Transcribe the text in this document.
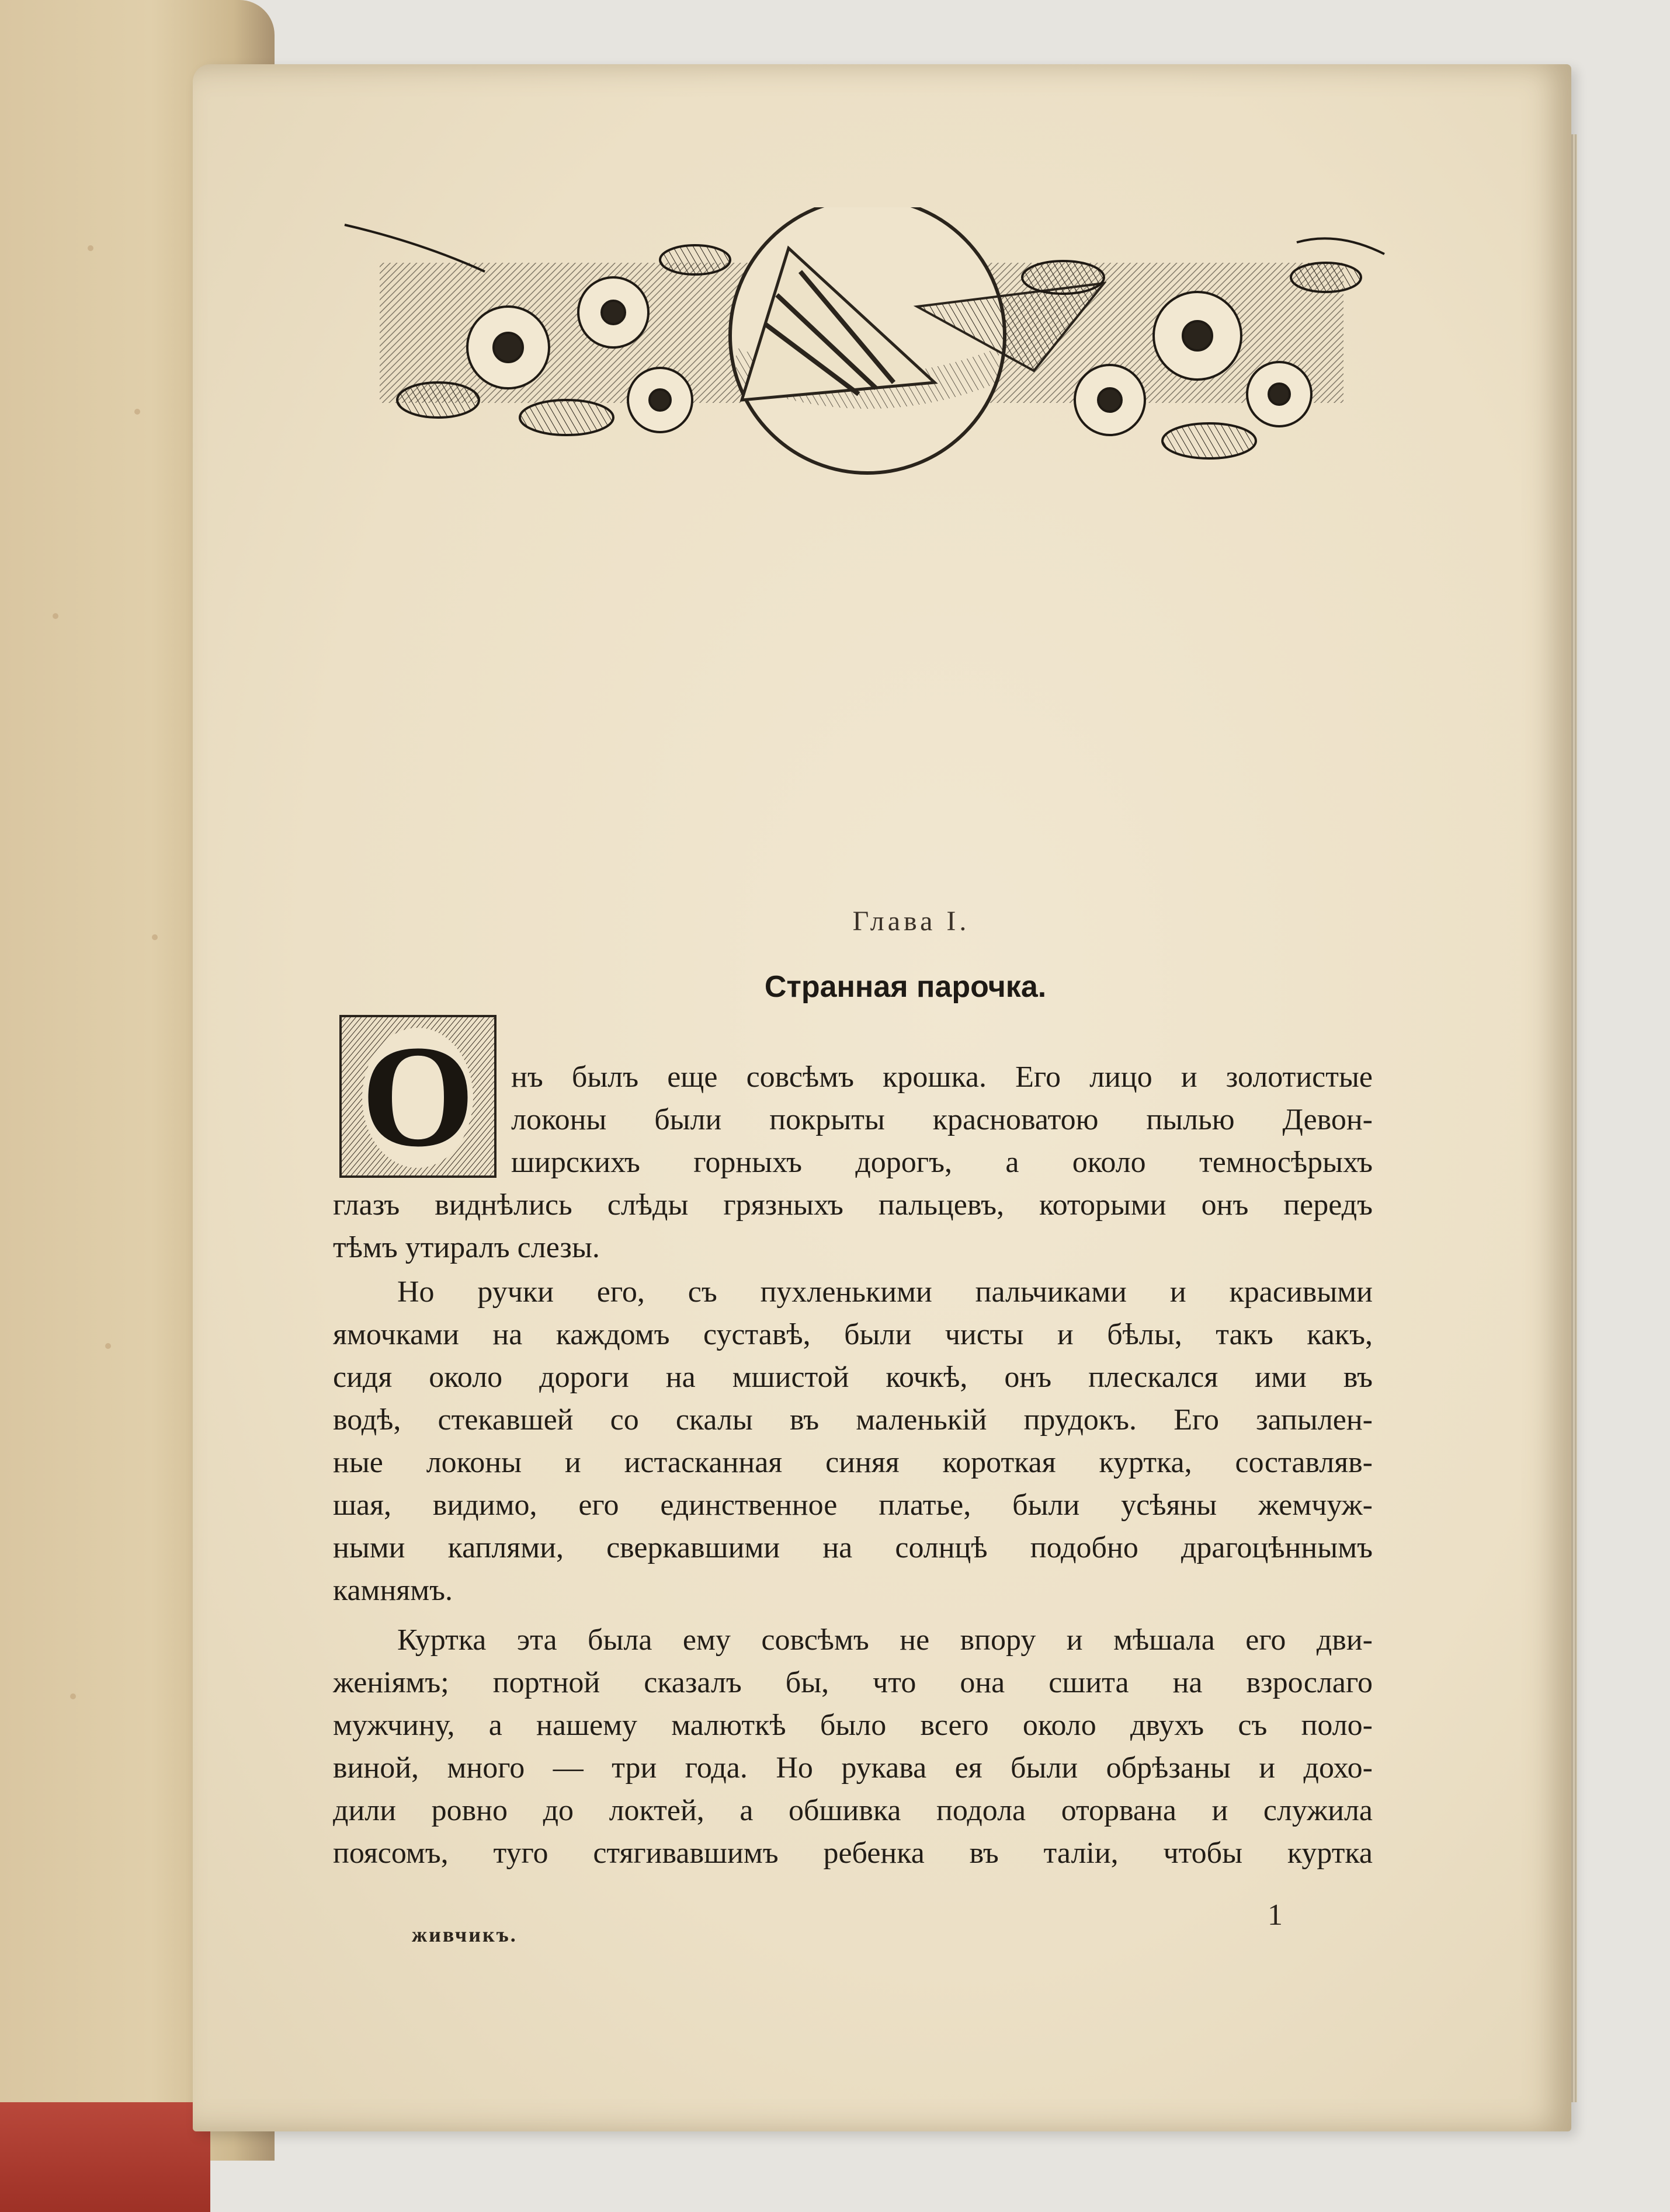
Глава I.
Странная парочка.
О	нъ былъ еще совсѣмъ крошка. Его лицо и золотистые
локоны были покрыты красноватою пылью Девон-
ширскихъ горныхъ дорогъ, а около темносѣрыхъ
глазъ виднѣлись слѣды грязныхъ пальцевъ, которыми онъ передъ
тѣмъ утиралъ слезы.
Но ручки его, съ пухленькими пальчиками и красивыми
ямочками на каждомъ суставѣ, были чисты и бѣлы, такъ какъ,
сидя около дороги на мшистой кочкѣ, онъ плескался ими въ
водѣ, стекавшей со скалы въ маленькій прудокъ. Его запылен-
ные локоны и истасканная синяя короткая куртка, составляв-
шая, видимо, его единственное платье, были усѣяны жемчуж-
ными каплями, сверкавшими на солнцѣ подобно драгоцѣннымъ
камнямъ.
Куртка эта была ему совсѣмъ не впору и мѣшала его дви-
женіямъ; портной сказалъ бы, что она сшита на взрослаго
мужчину, а нашему малюткѣ было всего около двухъ съ поло-
виной, много — три года. Но рукава ея были обрѣзаны и дохо-
дили ровно до локтей, а обшивка подола оторвана и служила
поясомъ, туго стягивавшимъ ребенка въ таліи, чтобы куртка
живчикъ.
1
